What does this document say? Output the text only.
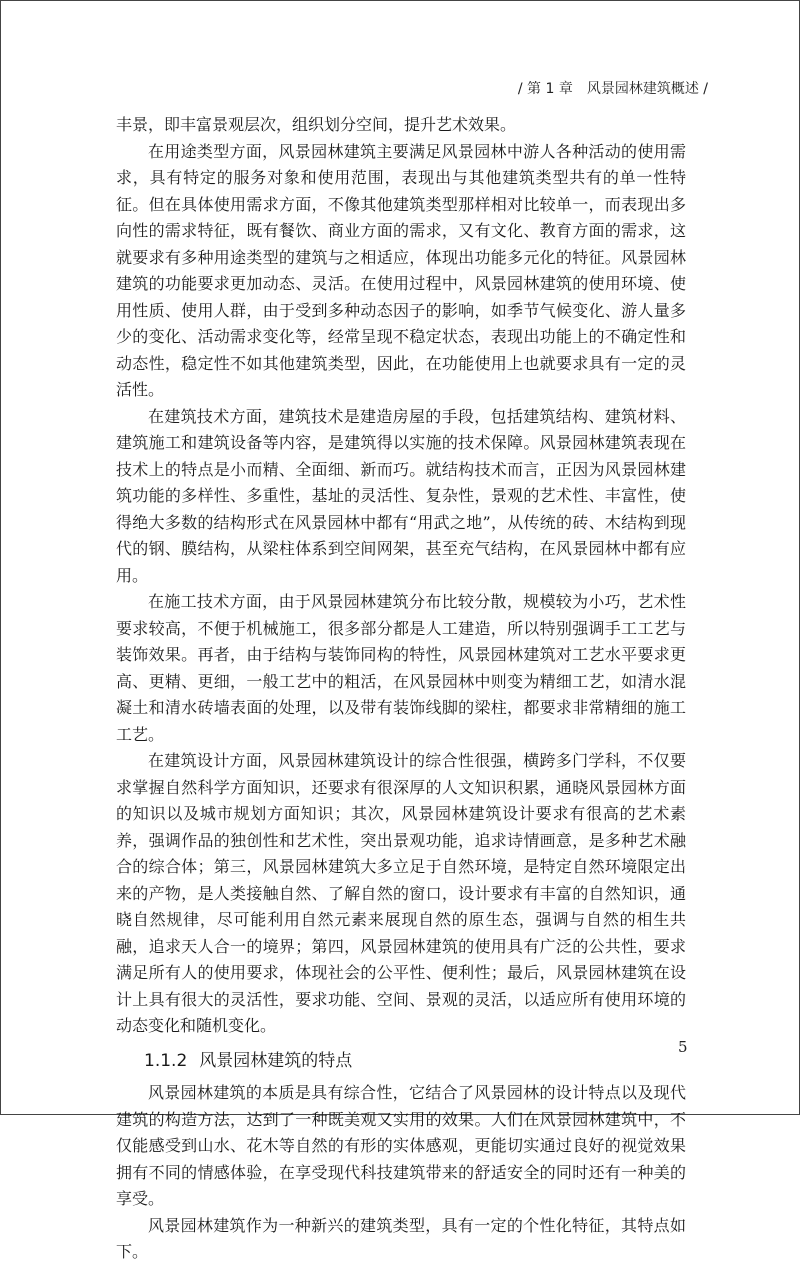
/ 第 1 章　风景园林建筑概述 /

丰景，即丰富景观层次，组织划分空间，提升艺术效果。

在用途类型方面，风景园林建筑主要满足风景园林中游人各种活动的使用需求，具有特定的服务对象和使用范围，表现出与其他建筑类型共有的单一性特征。但在具体使用需求方面，不像其他建筑类型那样相对比较单一，而表现出多向性的需求特征，既有餐饮、商业方面的需求，又有文化、教育方面的需求，这就要求有多种用途类型的建筑与之相适应，体现出功能多元化的特征。风景园林建筑的功能要求更加动态、灵活。在使用过程中，风景园林建筑的使用环境、使用性质、使用人群，由于受到多种动态因子的影响，如季节气候变化、游人量多少的变化、活动需求变化等，经常呈现不稳定状态，表现出功能上的不确定性和动态性，稳定性不如其他建筑类型，因此，在功能使用上也就要求具有一定的灵活性。

在建筑技术方面，建筑技术是建造房屋的手段，包括建筑结构、建筑材料、建筑施工和建筑设备等内容，是建筑得以实施的技术保障。风景园林建筑表现在技术上的特点是小而精、全面细、新而巧。就结构技术而言，正因为风景园林建筑功能的多样性、多重性，基址的灵活性、复杂性，景观的艺术性、丰富性，使得绝大多数的结构形式在风景园林中都有“用武之地”，从传统的砖、木结构到现代的钢、膜结构，从梁柱体系到空间网架，甚至充气结构，在风景园林中都有应用。

在施工技术方面，由于风景园林建筑分布比较分散，规模较为小巧，艺术性要求较高，不便于机械施工，很多部分都是人工建造，所以特别强调手工工艺与装饰效果。再者，由于结构与装饰同构的特性，风景园林建筑对工艺水平要求更高、更精、更细，一般工艺中的粗活，在风景园林中则变为精细工艺，如清水混凝土和清水砖墙表面的处理，以及带有装饰线脚的梁柱，都要求非常精细的施工工艺。

在建筑设计方面，风景园林建筑设计的综合性很强，横跨多门学科，不仅要求掌握自然科学方面知识，还要求有很深厚的人文知识积累，通晓风景园林方面的知识以及城市规划方面知识；其次，风景园林建筑设计要求有很高的艺术素养，强调作品的独创性和艺术性，突出景观功能，追求诗情画意，是多种艺术融合的综合体；第三，风景园林建筑大多立足于自然环境，是特定自然环境限定出来的产物，是人类接触自然、了解自然的窗口，设计要求有丰富的自然知识，通晓自然规律，尽可能利用自然元素来展现自然的原生态，强调与自然的相生共融，追求天人合一的境界；第四，风景园林建筑的使用具有广泛的公共性，要求满足所有人的使用要求，体现社会的公平性、便利性；最后，风景园林建筑在设计上具有很大的灵活性，要求功能、空间、景观的灵活，以适应所有使用环境的动态变化和随机变化。

1.1.2 风景园林建筑的特点

风景园林建筑的本质是具有综合性，它结合了风景园林的设计特点以及现代建筑的构造方法，达到了一种既美观又实用的效果。人们在风景园林建筑中，不仅能感受到山水、花木等自然的有形的实体感观，更能切实通过良好的视觉效果拥有不同的情感体验，在享受现代科技建筑带来的舒适安全的同时还有一种美的享受。

风景园林建筑作为一种新兴的建筑类型，具有一定的个性化特征，其特点如下。

5
